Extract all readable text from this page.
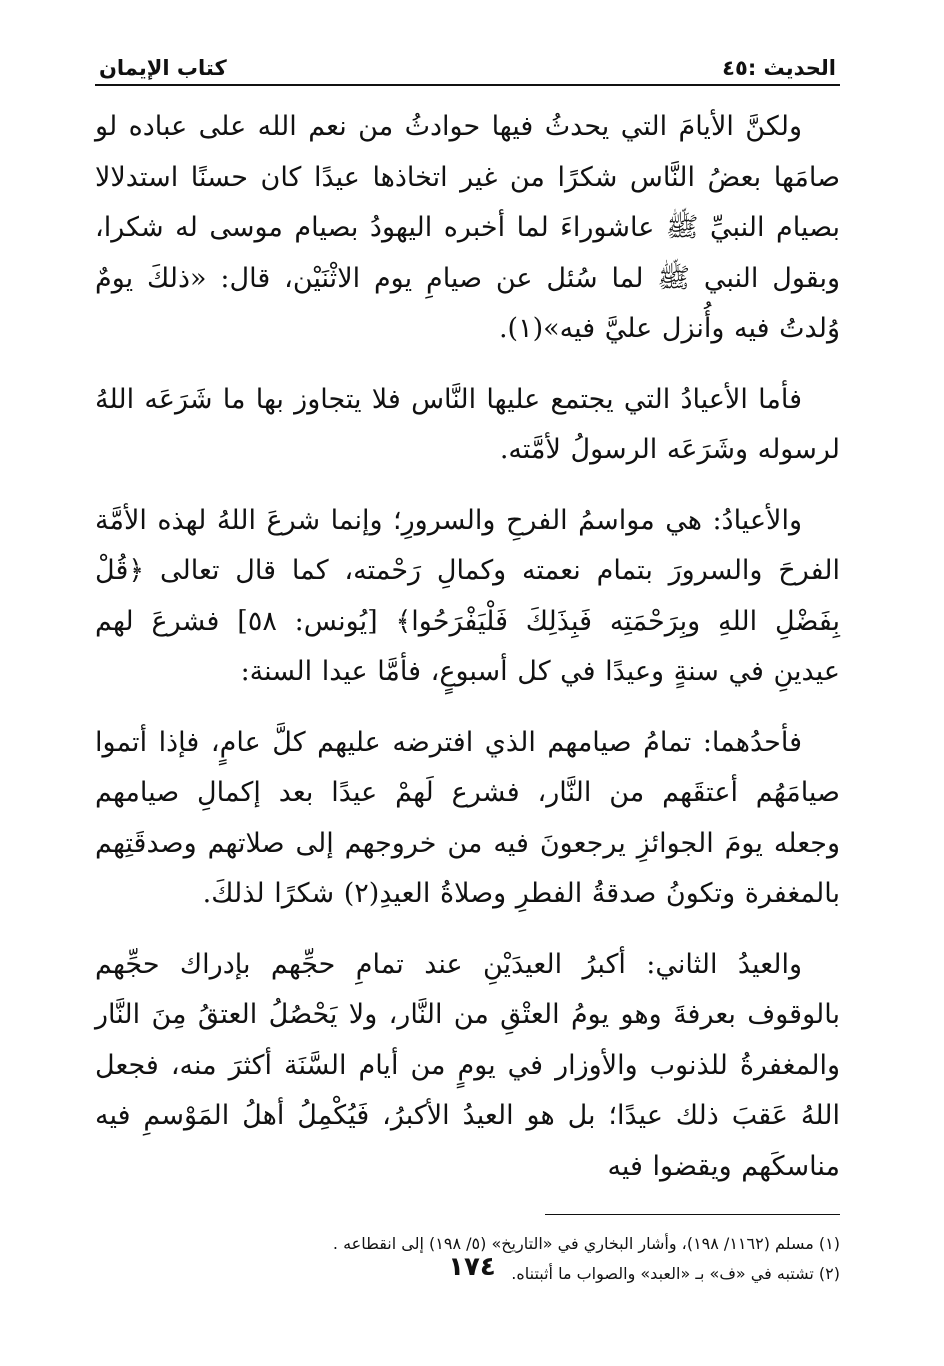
الحديث :٤٥
كتاب الإيمان

ولكنَّ الأيامَ التي يحدثُ فيها حوادثُ من نعم الله على عباده لو صامَها بعضُ النَّاس شكرًا من غير اتخاذها عيدًا كان حسنًا استدلالا بصيام النبيِّ ﷺ عاشوراءَ لما أخبره اليهودُ بصيام موسى له شكرا، وبقول النبي ﷺ لما سُئل عن صيامِ يوم الاثْنَيْن، قال: «ذلكَ يومٌ وُلدتُ فيه وأُنزل عليَّ فيه»(١).

فأما الأعيادُ التي يجتمع عليها النَّاس فلا يتجاوز بها ما شَرَعَه اللهُ لرسوله وشَرَعَه الرسولُ لأمَّته.

والأعيادُ: هي مواسمُ الفرحِ والسرورِ؛ وإنما شرعَ اللهُ لهذه الأمَّة الفرحَ والسرورَ بتمام نعمته وكمالِ رَحْمته، كما قال تعالى ﴿قُلْ بِفَضْلِ اللهِ وبِرَحْمَتِه فَبِذَلِكَ فَلْيَفْرَحُوا﴾ [يُونس: ٥٨] فشرعَ لهم عيدينِ في سنةٍ وعيدًا في كل أسبوعٍ، فأمَّا عيدا السنة:

فأحدُهما: تمامُ صيامهم الذي افترضه عليهم كلَّ عامٍ، فإذا أتموا صيامَهُم أعتقَهم من النَّار، فشرع لَهمْ عيدًا بعد إكمالِ صيامهم وجعله يومَ الجوائزِ يرجعونَ فيه من خروجهم إلى صلاتهم وصدقَتِهم بالمغفرة وتكونُ صدقةُ الفطرِ وصلاةُ العيدِ(٢) شكرًا لذلكَ.

والعيدُ الثاني: أكبرُ العيدَيْنِ عند تمامِ حجِّهم بإدراك حجِّهم بالوقوف بعرفةَ وهو يومُ العتْقِ من النَّار، ولا يَحْصُلُ العتقُ مِنَ النَّار والمغفرةُ للذنوب والأوزار في يومٍ من أيام السَّنَة أكثرَ منه، فجعل اللهُ عَقبَ ذلك عيدًا؛ بل هو العيدُ الأكبرُ، فَيُكْمِلُ أهلُ المَوْسمِ فيه مناسكَهم ويقضوا فيه

(١) مسلم (١١٦٢/ ١٩٨)، وأشار البخاري في «التاريخ» (٥/ ١٩٨) إلى انقطاعه .

(٢) تشتبه في «ف» بـ «العبد» والصواب ما أثبتناه.

١٧٤
